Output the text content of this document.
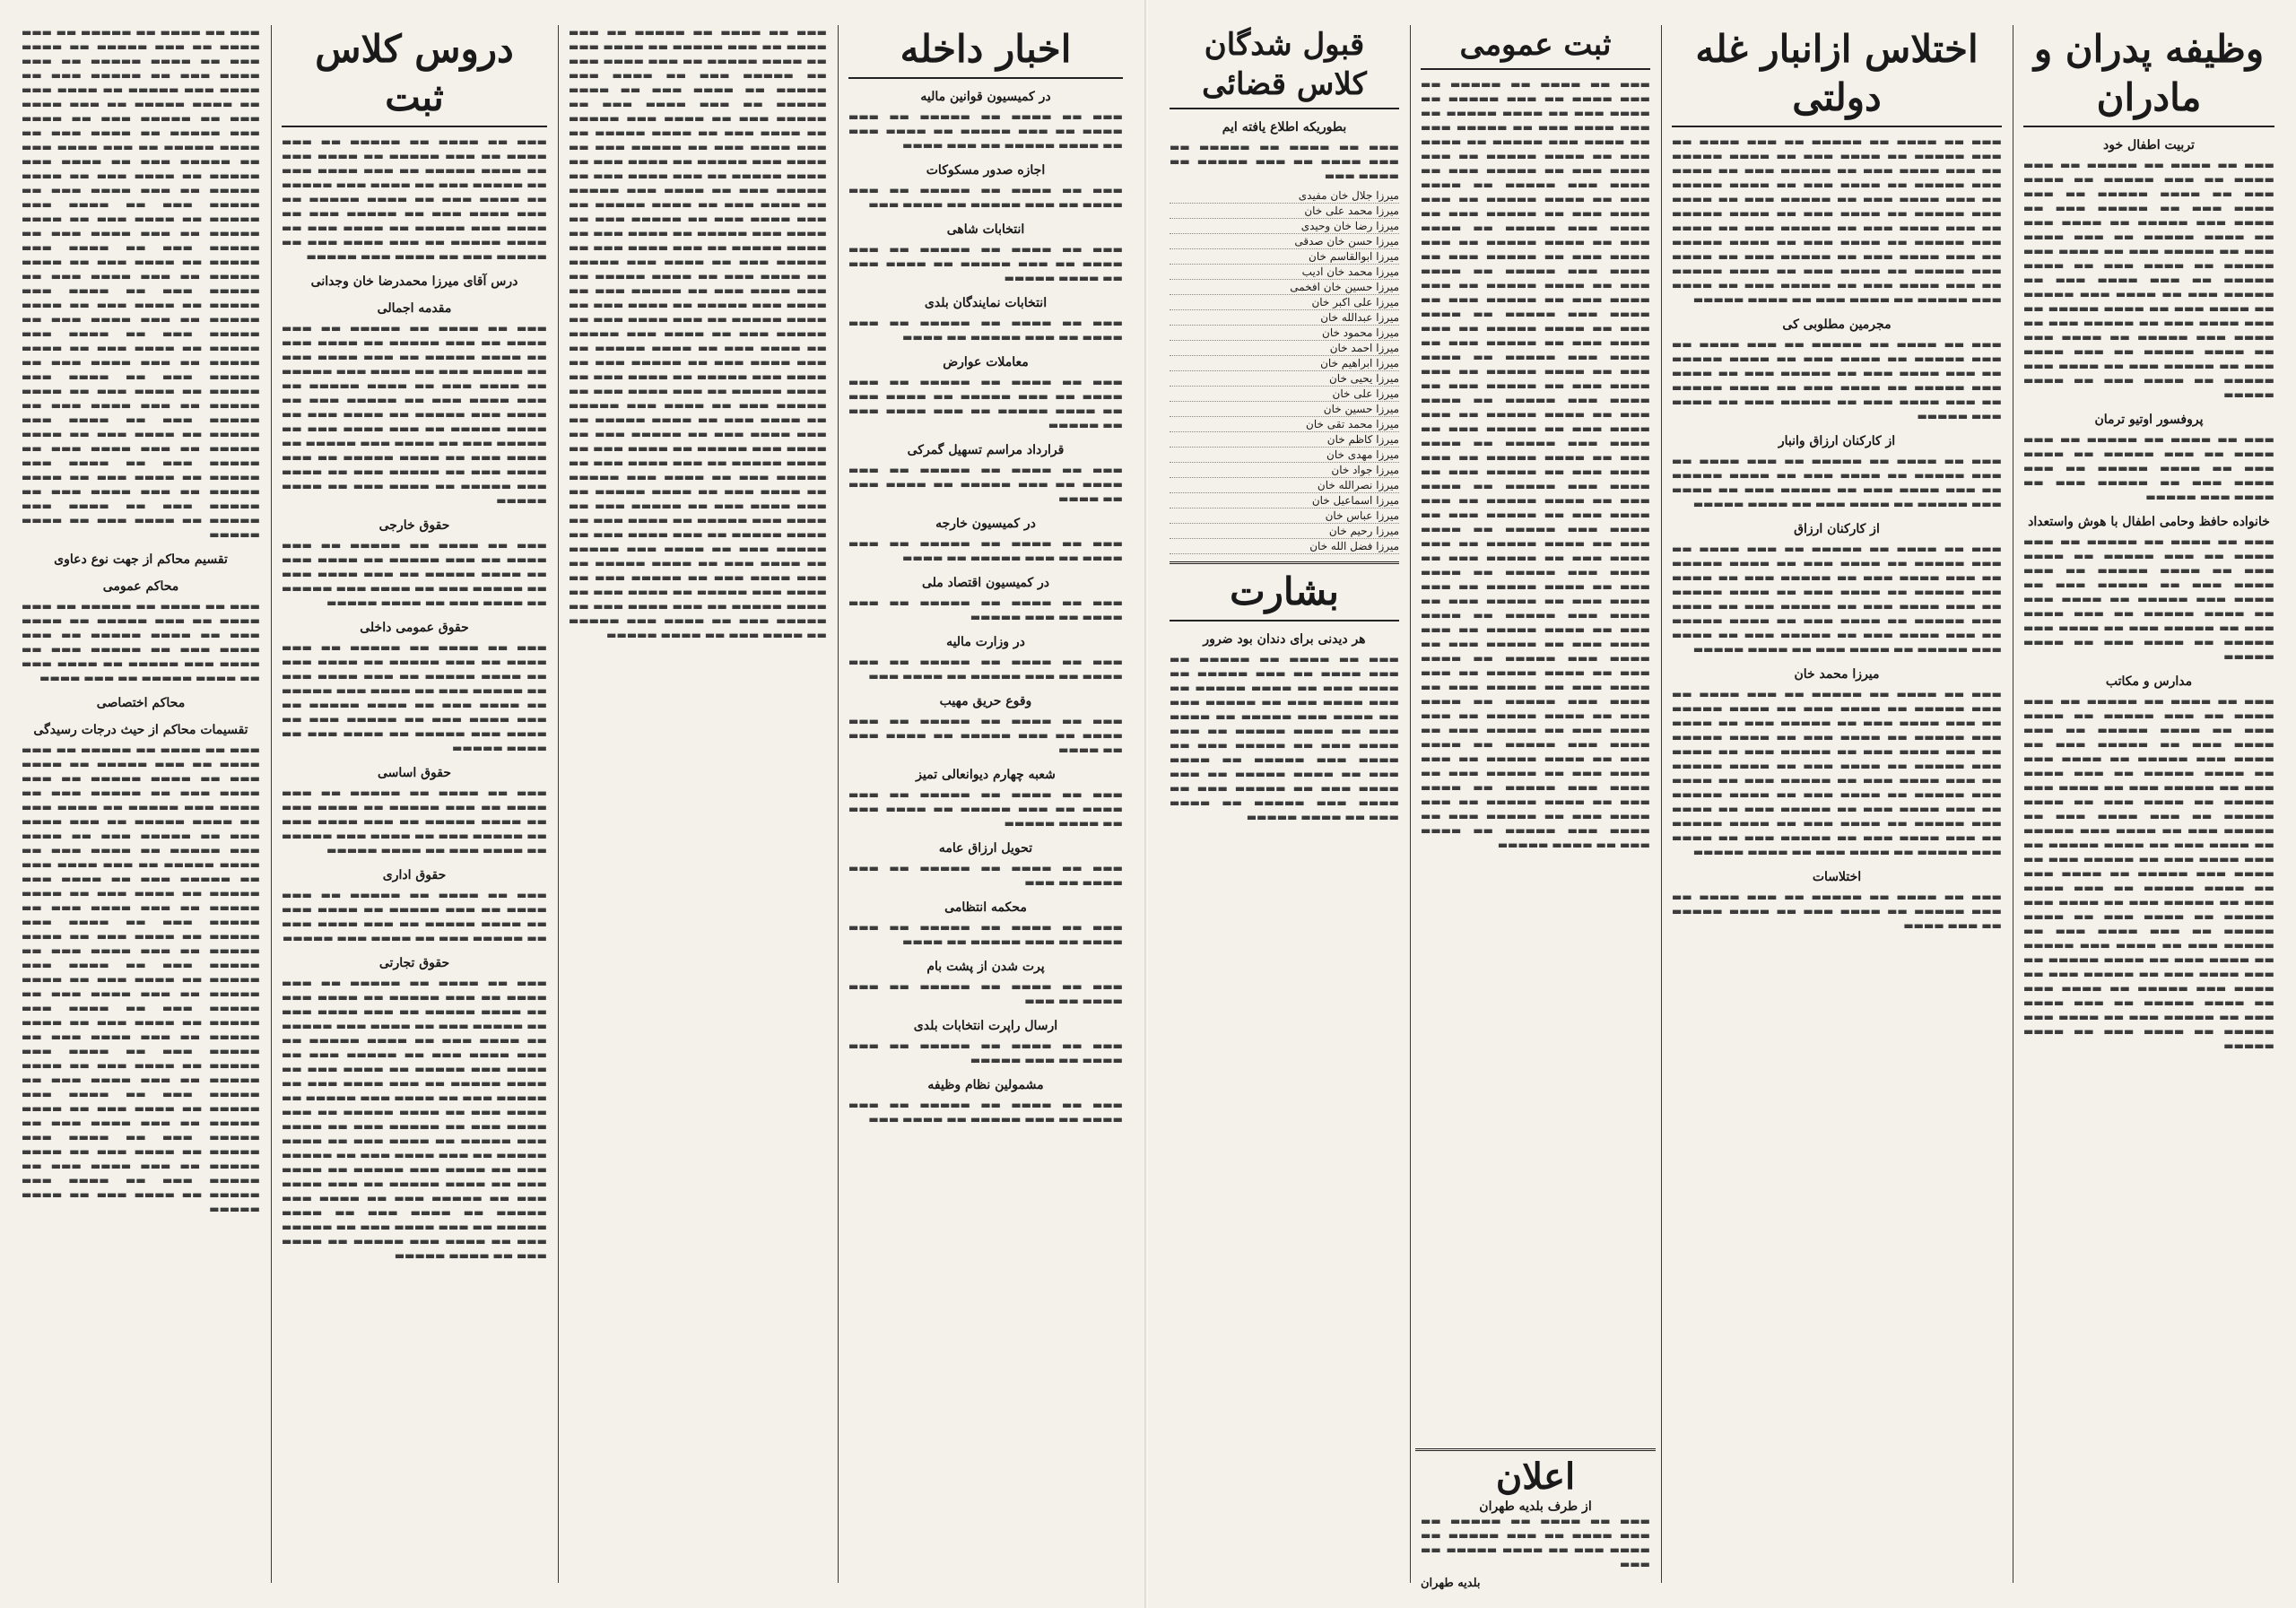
▬▬▬ ▬▬ ▬▬▬▬ ▬▬ ▬▬▬▬▬ ▬▬ ▬▬▬ ▬▬▬▬ ▬▬ ▬▬▬ ▬▬▬▬▬ ▬▬ ▬▬▬▬ ▬▬▬ ▬▬ ▬▬▬▬ ▬▬▬▬▬ ▬▬ ▬▬▬ ▬▬▬▬ ▬▬▬ ▬▬ ▬▬▬▬▬ ▬▬▬ ▬▬ ▬▬▬▬ ▬▬▬ ▬▬▬▬▬ ▬▬ ▬▬▬▬ ▬▬▬ ▬▬ ▬▬▬▬ ▬▬▬▬▬ ▬▬ ▬▬▬ ▬▬▬▬ ▬▬▬ ▬▬ ▬▬▬▬▬ ▬▬▬ ▬▬ ▬▬▬▬ ▬▬▬ ▬▬▬▬▬ ▬▬ ▬▬▬▬ ▬▬▬ ▬▬ ▬▬▬▬ ▬▬▬▬▬ ▬▬ ▬▬▬ ▬▬▬▬ ▬▬▬ ▬▬ ▬▬▬▬▬ ▬▬▬ ▬▬ ▬▬▬▬ ▬▬▬ ▬▬▬▬▬ ▬▬ ▬▬▬▬ ▬▬▬ ▬▬ ▬▬▬▬ ▬▬▬▬▬ ▬▬ ▬▬▬ ▬▬▬▬ ▬▬▬ ▬▬ ▬▬▬▬▬ ▬▬▬ ▬▬ ▬▬▬▬ ▬▬▬ ▬▬▬▬▬ ▬▬ ▬▬▬▬ ▬▬▬ ▬▬ ▬▬▬▬ ▬▬▬▬▬ ▬▬ ▬▬▬ ▬▬▬▬ ▬▬▬ ▬▬ ▬▬▬▬▬ ▬▬▬ ▬▬ ▬▬▬▬ ▬▬▬ ▬▬▬▬▬ ▬▬ ▬▬▬▬ ▬▬▬ ▬▬ ▬▬▬▬ ▬▬▬▬▬ ▬▬ ▬▬▬ ▬▬▬▬ ▬▬▬ ▬▬ ▬▬▬▬▬ ▬▬▬ ▬▬ ▬▬▬▬ ▬▬▬ ▬▬▬▬▬ ▬▬ ▬▬▬▬ ▬▬▬ ▬▬ ▬▬▬▬ ▬▬▬▬▬ ▬▬ ▬▬▬ ▬▬▬▬ ▬▬▬ ▬▬ ▬▬▬▬▬ ▬▬▬ ▬▬ ▬▬▬▬ ▬▬▬ ▬▬▬▬▬ ▬▬ ▬▬▬▬ ▬▬▬ ▬▬ ▬▬▬▬ ▬▬▬▬▬ ▬▬ ▬▬▬ ▬▬▬▬ ▬▬▬ ▬▬ ▬▬▬▬▬ ▬▬▬ ▬▬ ▬▬▬▬ ▬▬▬ ▬▬▬▬▬ ▬▬ ▬▬▬▬ ▬▬▬ ▬▬ ▬▬▬▬ ▬▬▬▬▬ ▬▬ ▬▬▬ ▬▬▬▬ ▬▬▬ ▬▬ ▬▬▬▬▬ ▬▬▬ ▬▬ ▬▬▬▬ ▬▬▬ ▬▬▬▬▬ ▬▬ ▬▬▬▬ ▬▬▬ ▬▬ ▬▬▬▬ ▬▬▬▬▬ ▬▬ ▬▬▬ ▬▬▬▬ ▬▬▬ ▬▬ ▬▬▬▬▬ ▬▬▬ ▬▬ ▬▬▬▬ ▬▬▬ ▬▬▬▬▬ ▬▬ ▬▬▬▬ ▬▬▬ ▬▬ ▬▬▬▬ ▬▬▬▬▬ ▬▬ ▬▬▬ ▬▬▬▬ ▬▬▬ ▬▬ ▬▬▬▬▬ ▬▬▬ ▬▬ ▬▬▬▬ ▬▬▬ ▬▬▬▬▬ ▬▬ ▬▬▬▬ ▬▬▬ ▬▬ ▬▬▬▬ ▬▬▬▬▬

تقسیم محاکم از جهت نوع دعاوی
محاکم عمومی

▬▬▬ ▬▬ ▬▬▬▬ ▬▬ ▬▬▬▬▬ ▬▬ ▬▬▬ ▬▬▬▬ ▬▬ ▬▬▬ ▬▬▬▬▬ ▬▬ ▬▬▬▬ ▬▬▬ ▬▬ ▬▬▬▬ ▬▬▬▬▬ ▬▬ ▬▬▬ ▬▬▬▬ ▬▬▬ ▬▬ ▬▬▬▬▬ ▬▬▬ ▬▬ ▬▬▬▬ ▬▬▬ ▬▬▬▬▬ ▬▬ ▬▬▬▬ ▬▬▬ ▬▬ ▬▬▬▬ ▬▬▬▬▬ ▬▬ ▬▬▬ ▬▬▬▬

محاکم اختصاصی
تقسیمات محاکم از حیث درجات رسیدگی

▬▬▬ ▬▬ ▬▬▬▬ ▬▬ ▬▬▬▬▬ ▬▬ ▬▬▬ ▬▬▬▬ ▬▬ ▬▬▬ ▬▬▬▬▬ ▬▬ ▬▬▬▬ ▬▬▬ ▬▬ ▬▬▬▬ ▬▬▬▬▬ ▬▬ ▬▬▬ ▬▬▬▬ ▬▬▬ ▬▬ ▬▬▬▬▬ ▬▬▬ ▬▬ ▬▬▬▬ ▬▬▬ ▬▬▬▬▬ ▬▬ ▬▬▬▬ ▬▬▬ ▬▬ ▬▬▬▬ ▬▬▬▬▬ ▬▬ ▬▬▬ ▬▬▬▬ ▬▬▬ ▬▬ ▬▬▬▬▬ ▬▬▬ ▬▬ ▬▬▬▬ ▬▬▬ ▬▬▬▬▬ ▬▬ ▬▬▬▬ ▬▬▬ ▬▬ ▬▬▬▬ ▬▬▬▬▬ ▬▬ ▬▬▬ ▬▬▬▬ ▬▬▬ ▬▬ ▬▬▬▬▬ ▬▬▬ ▬▬ ▬▬▬▬ ▬▬▬ ▬▬▬▬▬ ▬▬ ▬▬▬▬ ▬▬▬ ▬▬ ▬▬▬▬ ▬▬▬▬▬ ▬▬ ▬▬▬ ▬▬▬▬ ▬▬▬ ▬▬ ▬▬▬▬▬ ▬▬▬ ▬▬ ▬▬▬▬ ▬▬▬ ▬▬▬▬▬ ▬▬ ▬▬▬▬ ▬▬▬ ▬▬ ▬▬▬▬ ▬▬▬▬▬ ▬▬ ▬▬▬ ▬▬▬▬ ▬▬▬ ▬▬ ▬▬▬▬▬ ▬▬▬ ▬▬ ▬▬▬▬ ▬▬▬ ▬▬▬▬▬ ▬▬ ▬▬▬▬ ▬▬▬ ▬▬ ▬▬▬▬ ▬▬▬▬▬ ▬▬ ▬▬▬ ▬▬▬▬ ▬▬▬ ▬▬ ▬▬▬▬▬ ▬▬▬ ▬▬ ▬▬▬▬ ▬▬▬ ▬▬▬▬▬ ▬▬ ▬▬▬▬ ▬▬▬ ▬▬ ▬▬▬▬ ▬▬▬▬▬ ▬▬ ▬▬▬ ▬▬▬▬ ▬▬▬ ▬▬ ▬▬▬▬▬ ▬▬▬ ▬▬ ▬▬▬▬ ▬▬▬ ▬▬▬▬▬ ▬▬ ▬▬▬▬ ▬▬▬ ▬▬ ▬▬▬▬ ▬▬▬▬▬ ▬▬ ▬▬▬ ▬▬▬▬ ▬▬▬ ▬▬ ▬▬▬▬▬ ▬▬▬ ▬▬ ▬▬▬▬ ▬▬▬ ▬▬▬▬▬ ▬▬ ▬▬▬▬ ▬▬▬ ▬▬ ▬▬▬▬ ▬▬▬▬▬ ▬▬ ▬▬▬ ▬▬▬▬ ▬▬▬ ▬▬ ▬▬▬▬▬ ▬▬▬ ▬▬ ▬▬▬▬ ▬▬▬ ▬▬▬▬▬ ▬▬ ▬▬▬▬ ▬▬▬ ▬▬ ▬▬▬▬ ▬▬▬▬▬ ▬▬ ▬▬▬ ▬▬▬▬ ▬▬▬ ▬▬ ▬▬▬▬▬ ▬▬▬ ▬▬ ▬▬▬▬ ▬▬▬ ▬▬▬▬▬ ▬▬ ▬▬▬▬ ▬▬▬ ▬▬ ▬▬▬▬ ▬▬▬▬▬

دروس کلاس ثبت

▬▬▬ ▬▬ ▬▬▬▬ ▬▬ ▬▬▬▬▬ ▬▬ ▬▬▬ ▬▬▬▬ ▬▬ ▬▬▬ ▬▬▬▬▬ ▬▬ ▬▬▬▬ ▬▬▬ ▬▬ ▬▬▬▬ ▬▬▬▬▬ ▬▬ ▬▬▬ ▬▬▬▬ ▬▬▬ ▬▬ ▬▬▬▬▬ ▬▬▬ ▬▬ ▬▬▬▬ ▬▬▬ ▬▬▬▬▬ ▬▬ ▬▬▬▬ ▬▬▬ ▬▬ ▬▬▬▬ ▬▬▬▬▬ ▬▬ ▬▬▬ ▬▬▬▬ ▬▬▬ ▬▬ ▬▬▬▬▬ ▬▬▬ ▬▬ ▬▬▬▬ ▬▬▬ ▬▬▬▬▬ ▬▬ ▬▬▬▬ ▬▬▬ ▬▬ ▬▬▬▬ ▬▬▬▬▬ ▬▬ ▬▬▬ ▬▬▬▬ ▬▬▬ ▬▬ ▬▬▬▬▬ ▬▬▬ ▬▬ ▬▬▬▬ ▬▬▬ ▬▬▬▬▬

درس آقای میرزا محمدرضا خان وجدانی
مقدمه اجمالی

▬▬▬ ▬▬ ▬▬▬▬ ▬▬ ▬▬▬▬▬ ▬▬ ▬▬▬ ▬▬▬▬ ▬▬ ▬▬▬ ▬▬▬▬▬ ▬▬ ▬▬▬▬ ▬▬▬ ▬▬ ▬▬▬▬ ▬▬▬▬▬ ▬▬ ▬▬▬ ▬▬▬▬ ▬▬▬ ▬▬ ▬▬▬▬▬ ▬▬▬ ▬▬ ▬▬▬▬ ▬▬▬ ▬▬▬▬▬ ▬▬ ▬▬▬▬ ▬▬▬ ▬▬ ▬▬▬▬ ▬▬▬▬▬ ▬▬ ▬▬▬ ▬▬▬▬ ▬▬▬ ▬▬ ▬▬▬▬▬ ▬▬▬ ▬▬ ▬▬▬▬ ▬▬▬ ▬▬▬▬▬ ▬▬ ▬▬▬▬ ▬▬▬ ▬▬ ▬▬▬▬ ▬▬▬▬▬ ▬▬ ▬▬▬ ▬▬▬▬ ▬▬▬ ▬▬ ▬▬▬▬▬ ▬▬▬ ▬▬ ▬▬▬▬ ▬▬▬ ▬▬▬▬▬ ▬▬ ▬▬▬▬ ▬▬▬ ▬▬ ▬▬▬▬ ▬▬▬▬▬ ▬▬ ▬▬▬ ▬▬▬▬ ▬▬▬ ▬▬ ▬▬▬▬▬ ▬▬▬ ▬▬ ▬▬▬▬ ▬▬▬ ▬▬▬▬▬ ▬▬ ▬▬▬▬ ▬▬▬ ▬▬ ▬▬▬▬ ▬▬▬▬▬

حقوق خارجی

▬▬▬ ▬▬ ▬▬▬▬ ▬▬ ▬▬▬▬▬ ▬▬ ▬▬▬ ▬▬▬▬ ▬▬ ▬▬▬ ▬▬▬▬▬ ▬▬ ▬▬▬▬ ▬▬▬ ▬▬ ▬▬▬▬ ▬▬▬▬▬ ▬▬ ▬▬▬ ▬▬▬▬ ▬▬▬ ▬▬ ▬▬▬▬▬ ▬▬▬ ▬▬ ▬▬▬▬ ▬▬▬ ▬▬▬▬▬ ▬▬ ▬▬▬▬ ▬▬▬ ▬▬ ▬▬▬▬ ▬▬▬▬▬

حقوق عمومی داخلی

▬▬▬ ▬▬ ▬▬▬▬ ▬▬ ▬▬▬▬▬ ▬▬ ▬▬▬ ▬▬▬▬ ▬▬ ▬▬▬ ▬▬▬▬▬ ▬▬ ▬▬▬▬ ▬▬▬ ▬▬ ▬▬▬▬ ▬▬▬▬▬ ▬▬ ▬▬▬ ▬▬▬▬ ▬▬▬ ▬▬ ▬▬▬▬▬ ▬▬▬ ▬▬ ▬▬▬▬ ▬▬▬ ▬▬▬▬▬ ▬▬ ▬▬▬▬ ▬▬▬ ▬▬ ▬▬▬▬ ▬▬▬▬▬ ▬▬ ▬▬▬ ▬▬▬▬ ▬▬▬ ▬▬ ▬▬▬▬▬ ▬▬▬ ▬▬ ▬▬▬▬ ▬▬▬ ▬▬▬▬▬ ▬▬ ▬▬▬▬ ▬▬▬ ▬▬ ▬▬▬▬ ▬▬▬▬▬

حقوق اساسی

▬▬▬ ▬▬ ▬▬▬▬ ▬▬ ▬▬▬▬▬ ▬▬ ▬▬▬ ▬▬▬▬ ▬▬ ▬▬▬ ▬▬▬▬▬ ▬▬ ▬▬▬▬ ▬▬▬ ▬▬ ▬▬▬▬ ▬▬▬▬▬ ▬▬ ▬▬▬ ▬▬▬▬ ▬▬▬ ▬▬ ▬▬▬▬▬ ▬▬▬ ▬▬ ▬▬▬▬ ▬▬▬ ▬▬▬▬▬ ▬▬ ▬▬▬▬ ▬▬▬ ▬▬ ▬▬▬▬ ▬▬▬▬▬

حقوق اداری

▬▬▬ ▬▬ ▬▬▬▬ ▬▬ ▬▬▬▬▬ ▬▬ ▬▬▬ ▬▬▬▬ ▬▬ ▬▬▬ ▬▬▬▬▬ ▬▬ ▬▬▬▬ ▬▬▬ ▬▬ ▬▬▬▬ ▬▬▬▬▬ ▬▬ ▬▬▬ ▬▬▬▬ ▬▬▬ ▬▬ ▬▬▬▬▬ ▬▬▬ ▬▬ ▬▬▬▬ ▬▬▬ ▬▬▬▬▬

حقوق تجارتی

▬▬▬ ▬▬ ▬▬▬▬ ▬▬ ▬▬▬▬▬ ▬▬ ▬▬▬ ▬▬▬▬ ▬▬ ▬▬▬ ▬▬▬▬▬ ▬▬ ▬▬▬▬ ▬▬▬ ▬▬ ▬▬▬▬ ▬▬▬▬▬ ▬▬ ▬▬▬ ▬▬▬▬ ▬▬▬ ▬▬ ▬▬▬▬▬ ▬▬▬ ▬▬ ▬▬▬▬ ▬▬▬ ▬▬▬▬▬ ▬▬ ▬▬▬▬ ▬▬▬ ▬▬ ▬▬▬▬ ▬▬▬▬▬ ▬▬ ▬▬▬ ▬▬▬▬ ▬▬▬ ▬▬ ▬▬▬▬▬ ▬▬▬ ▬▬ ▬▬▬▬ ▬▬▬ ▬▬▬▬▬ ▬▬ ▬▬▬▬ ▬▬▬ ▬▬ ▬▬▬▬ ▬▬▬▬▬ ▬▬ ▬▬▬ ▬▬▬▬ ▬▬▬ ▬▬ ▬▬▬▬▬ ▬▬▬ ▬▬ ▬▬▬▬ ▬▬▬ ▬▬▬▬▬ ▬▬ ▬▬▬▬ ▬▬▬ ▬▬ ▬▬▬▬ ▬▬▬▬▬ ▬▬ ▬▬▬ ▬▬▬▬ ▬▬▬ ▬▬ ▬▬▬▬▬ ▬▬▬ ▬▬ ▬▬▬▬ ▬▬▬ ▬▬▬▬▬ ▬▬ ▬▬▬▬ ▬▬▬ ▬▬ ▬▬▬▬ ▬▬▬▬▬ ▬▬ ▬▬▬ ▬▬▬▬ ▬▬▬ ▬▬ ▬▬▬▬▬ ▬▬▬ ▬▬ ▬▬▬▬ ▬▬▬ ▬▬▬▬▬ ▬▬ ▬▬▬▬ ▬▬▬ ▬▬ ▬▬▬▬ ▬▬▬▬▬ ▬▬ ▬▬▬ ▬▬▬▬ ▬▬▬ ▬▬ ▬▬▬▬▬ ▬▬▬ ▬▬ ▬▬▬▬ ▬▬▬ ▬▬▬▬▬ ▬▬ ▬▬▬▬ ▬▬▬ ▬▬ ▬▬▬▬ ▬▬▬▬▬ ▬▬ ▬▬▬ ▬▬▬▬ ▬▬▬ ▬▬ ▬▬▬▬▬ ▬▬▬ ▬▬ ▬▬▬▬ ▬▬▬ ▬▬▬▬▬ ▬▬ ▬▬▬▬ ▬▬▬ ▬▬ ▬▬▬▬ ▬▬▬▬▬

▬▬▬ ▬▬ ▬▬▬▬ ▬▬ ▬▬▬▬▬ ▬▬ ▬▬▬ ▬▬▬▬ ▬▬ ▬▬▬ ▬▬▬▬▬ ▬▬ ▬▬▬▬ ▬▬▬ ▬▬ ▬▬▬▬ ▬▬▬▬▬ ▬▬ ▬▬▬ ▬▬▬▬ ▬▬▬ ▬▬ ▬▬▬▬▬ ▬▬▬ ▬▬ ▬▬▬▬ ▬▬▬ ▬▬▬▬▬ ▬▬ ▬▬▬▬ ▬▬▬ ▬▬ ▬▬▬▬ ▬▬▬▬▬ ▬▬ ▬▬▬ ▬▬▬▬ ▬▬▬ ▬▬ ▬▬▬▬▬ ▬▬▬ ▬▬ ▬▬▬▬ ▬▬▬ ▬▬▬▬▬ ▬▬ ▬▬▬▬ ▬▬▬ ▬▬ ▬▬▬▬ ▬▬▬▬▬ ▬▬ ▬▬▬ ▬▬▬▬ ▬▬▬ ▬▬ ▬▬▬▬▬ ▬▬▬ ▬▬ ▬▬▬▬ ▬▬▬ ▬▬▬▬▬ ▬▬ ▬▬▬▬ ▬▬▬ ▬▬ ▬▬▬▬ ▬▬▬▬▬ ▬▬ ▬▬▬ ▬▬▬▬ ▬▬▬ ▬▬ ▬▬▬▬▬ ▬▬▬ ▬▬ ▬▬▬▬ ▬▬▬ ▬▬▬▬▬ ▬▬ ▬▬▬▬ ▬▬▬ ▬▬ ▬▬▬▬ ▬▬▬▬▬ ▬▬ ▬▬▬ ▬▬▬▬ ▬▬▬ ▬▬ ▬▬▬▬▬ ▬▬▬ ▬▬ ▬▬▬▬ ▬▬▬ ▬▬▬▬▬ ▬▬ ▬▬▬▬ ▬▬▬ ▬▬ ▬▬▬▬ ▬▬▬▬▬ ▬▬ ▬▬▬ ▬▬▬▬ ▬▬▬ ▬▬ ▬▬▬▬▬ ▬▬▬ ▬▬ ▬▬▬▬ ▬▬▬ ▬▬▬▬▬ ▬▬ ▬▬▬▬ ▬▬▬ ▬▬ ▬▬▬▬ ▬▬▬▬▬ ▬▬ ▬▬▬ ▬▬▬▬ ▬▬▬ ▬▬ ▬▬▬▬▬ ▬▬▬ ▬▬ ▬▬▬▬ ▬▬▬ ▬▬▬▬▬ ▬▬ ▬▬▬▬ ▬▬▬ ▬▬ ▬▬▬▬ ▬▬▬▬▬ ▬▬ ▬▬▬ ▬▬▬▬ ▬▬▬ ▬▬ ▬▬▬▬▬ ▬▬▬ ▬▬ ▬▬▬▬ ▬▬▬ ▬▬▬▬▬ ▬▬ ▬▬▬▬ ▬▬▬ ▬▬ ▬▬▬▬ ▬▬▬▬▬ ▬▬ ▬▬▬ ▬▬▬▬ ▬▬▬ ▬▬ ▬▬▬▬▬ ▬▬▬ ▬▬ ▬▬▬▬ ▬▬▬ ▬▬▬▬▬ ▬▬ ▬▬▬▬ ▬▬▬ ▬▬ ▬▬▬▬ ▬▬▬▬▬ ▬▬ ▬▬▬ ▬▬▬▬ ▬▬▬ ▬▬ ▬▬▬▬▬ ▬▬▬ ▬▬ ▬▬▬▬ ▬▬▬ ▬▬▬▬▬ ▬▬ ▬▬▬▬ ▬▬▬ ▬▬ ▬▬▬▬ ▬▬▬▬▬ ▬▬ ▬▬▬ ▬▬▬▬ ▬▬▬ ▬▬ ▬▬▬▬▬ ▬▬▬ ▬▬ ▬▬▬▬ ▬▬▬ ▬▬▬▬▬ ▬▬ ▬▬▬▬ ▬▬▬ ▬▬ ▬▬▬▬ ▬▬▬▬▬ ▬▬ ▬▬▬ ▬▬▬▬ ▬▬▬ ▬▬ ▬▬▬▬▬ ▬▬▬ ▬▬ ▬▬▬▬ ▬▬▬ ▬▬▬▬▬ ▬▬ ▬▬▬▬ ▬▬▬ ▬▬ ▬▬▬▬ ▬▬▬▬▬ ▬▬ ▬▬▬ ▬▬▬▬ ▬▬▬ ▬▬ ▬▬▬▬▬ ▬▬▬ ▬▬ ▬▬▬▬ ▬▬▬ ▬▬▬▬▬ ▬▬ ▬▬▬▬ ▬▬▬ ▬▬ ▬▬▬▬ ▬▬▬▬▬ ▬▬ ▬▬▬ ▬▬▬▬ ▬▬▬ ▬▬ ▬▬▬▬▬ ▬▬▬ ▬▬ ▬▬▬▬ ▬▬▬ ▬▬▬▬▬ ▬▬ ▬▬▬▬ ▬▬▬ ▬▬ ▬▬▬▬ ▬▬▬▬▬ ▬▬ ▬▬▬ ▬▬▬▬ ▬▬▬ ▬▬ ▬▬▬▬▬ ▬▬▬ ▬▬ ▬▬▬▬ ▬▬▬ ▬▬▬▬▬ ▬▬ ▬▬▬▬ ▬▬▬ ▬▬ ▬▬▬▬ ▬▬▬▬▬ ▬▬ ▬▬▬ ▬▬▬▬ ▬▬▬ ▬▬ ▬▬▬▬▬ ▬▬▬ ▬▬ ▬▬▬▬ ▬▬▬ ▬▬▬▬▬ ▬▬ ▬▬▬▬ ▬▬▬ ▬▬ ▬▬▬▬ ▬▬▬▬▬

اخبار داخله
در کمیسیون قوانین مالیه

▬▬▬ ▬▬ ▬▬▬▬ ▬▬ ▬▬▬▬▬ ▬▬ ▬▬▬ ▬▬▬▬ ▬▬ ▬▬▬ ▬▬▬▬▬ ▬▬ ▬▬▬▬ ▬▬▬ ▬▬ ▬▬▬▬ ▬▬▬▬▬ ▬▬ ▬▬▬ ▬▬▬▬

اجازه صدور مسکوکات

▬▬▬ ▬▬ ▬▬▬▬ ▬▬ ▬▬▬▬▬ ▬▬ ▬▬▬ ▬▬▬▬ ▬▬ ▬▬▬ ▬▬▬▬▬ ▬▬ ▬▬▬▬ ▬▬▬

انتخابات شاهی

▬▬▬ ▬▬ ▬▬▬▬ ▬▬ ▬▬▬▬▬ ▬▬ ▬▬▬ ▬▬▬▬ ▬▬ ▬▬▬ ▬▬▬▬▬ ▬▬ ▬▬▬▬ ▬▬▬ ▬▬ ▬▬▬▬ ▬▬▬▬▬

انتخابات نمایندگان بلدی

▬▬▬ ▬▬ ▬▬▬▬ ▬▬ ▬▬▬▬▬ ▬▬ ▬▬▬ ▬▬▬▬ ▬▬ ▬▬▬ ▬▬▬▬▬ ▬▬ ▬▬▬▬

معاملات عوارض

▬▬▬ ▬▬ ▬▬▬▬ ▬▬ ▬▬▬▬▬ ▬▬ ▬▬▬ ▬▬▬▬ ▬▬ ▬▬▬ ▬▬▬▬▬ ▬▬ ▬▬▬▬ ▬▬▬ ▬▬ ▬▬▬▬ ▬▬▬▬▬ ▬▬ ▬▬▬ ▬▬▬▬ ▬▬▬ ▬▬ ▬▬▬▬▬

قرارداد مراسم تسهیل گمرکی

▬▬▬ ▬▬ ▬▬▬▬ ▬▬ ▬▬▬▬▬ ▬▬ ▬▬▬ ▬▬▬▬ ▬▬ ▬▬▬ ▬▬▬▬▬ ▬▬ ▬▬▬▬ ▬▬▬ ▬▬ ▬▬▬▬

در کمیسیون خارجه

▬▬▬ ▬▬ ▬▬▬▬ ▬▬ ▬▬▬▬▬ ▬▬ ▬▬▬ ▬▬▬▬ ▬▬ ▬▬▬ ▬▬▬▬▬ ▬▬ ▬▬▬▬

در کمیسیون اقتصاد ملی

▬▬▬ ▬▬ ▬▬▬▬ ▬▬ ▬▬▬▬▬ ▬▬ ▬▬▬ ▬▬▬▬ ▬▬ ▬▬▬ ▬▬▬▬▬

در وزارت مالیه

▬▬▬ ▬▬ ▬▬▬▬ ▬▬ ▬▬▬▬▬ ▬▬ ▬▬▬ ▬▬▬▬ ▬▬ ▬▬▬ ▬▬▬▬▬ ▬▬ ▬▬▬▬ ▬▬▬

وقوع حریق مهیب

▬▬▬ ▬▬ ▬▬▬▬ ▬▬ ▬▬▬▬▬ ▬▬ ▬▬▬ ▬▬▬▬ ▬▬ ▬▬▬ ▬▬▬▬▬ ▬▬ ▬▬▬▬ ▬▬▬ ▬▬ ▬▬▬▬

شعبه چهارم دیوانعالی تمیز

▬▬▬ ▬▬ ▬▬▬▬ ▬▬ ▬▬▬▬▬ ▬▬ ▬▬▬ ▬▬▬▬ ▬▬ ▬▬▬ ▬▬▬▬▬ ▬▬ ▬▬▬▬ ▬▬▬ ▬▬ ▬▬▬▬ ▬▬▬▬▬

تحویل ارزاق عامه

▬▬▬ ▬▬ ▬▬▬▬ ▬▬ ▬▬▬▬▬ ▬▬ ▬▬▬ ▬▬▬▬ ▬▬ ▬▬▬

محکمه انتظامی

▬▬▬ ▬▬ ▬▬▬▬ ▬▬ ▬▬▬▬▬ ▬▬ ▬▬▬ ▬▬▬▬ ▬▬ ▬▬▬ ▬▬▬▬▬ ▬▬ ▬▬▬▬

پرت شدن از پشت بام

▬▬▬ ▬▬ ▬▬▬▬ ▬▬ ▬▬▬▬▬ ▬▬ ▬▬▬ ▬▬▬▬ ▬▬ ▬▬▬

ارسال راپرت انتخابات بلدی

▬▬▬ ▬▬ ▬▬▬▬ ▬▬ ▬▬▬▬▬ ▬▬ ▬▬▬ ▬▬▬▬ ▬▬ ▬▬▬ ▬▬▬▬▬

مشمولین نظام وظیفه

▬▬▬ ▬▬ ▬▬▬▬ ▬▬ ▬▬▬▬▬ ▬▬ ▬▬▬ ▬▬▬▬ ▬▬ ▬▬▬ ▬▬▬▬▬ ▬▬ ▬▬▬▬ ▬▬▬

قبول شدگان کلاس قضائی
بطوریکه اطلاع یافته ایم

▬▬▬ ▬▬ ▬▬▬▬ ▬▬ ▬▬▬▬▬ ▬▬ ▬▬▬ ▬▬▬▬ ▬▬ ▬▬▬ ▬▬▬▬▬ ▬▬ ▬▬▬▬ ▬▬▬

میرزا جلال خان مفیدی
میرزا محمد علی خان
میرزا رضا خان وحیدی
میرزا حسن خان صدقی
میرزا ابوالقاسم خان
میرزا محمد خان ادیب
میرزا حسین خان افخمی
میرزا علی اکبر خان
میرزا عبدالله خان
میرزا محمود خان
میرزا احمد خان
میرزا ابراهیم خان
میرزا یحیی خان
میرزا علی خان
میرزا حسین خان
میرزا محمد تقی خان
میرزا کاظم خان
میرزا مهدی خان
میرزا جواد خان
میرزا نصرالله خان
میرزا اسماعیل خان
میرزا عباس خان
میرزا رحیم خان
میرزا فضل الله خان
بشارت
هر دیدنی برای دندان بود ضرور

▬▬▬ ▬▬ ▬▬▬▬ ▬▬ ▬▬▬▬▬ ▬▬ ▬▬▬ ▬▬▬▬ ▬▬ ▬▬▬ ▬▬▬▬▬ ▬▬ ▬▬▬▬ ▬▬▬ ▬▬ ▬▬▬▬ ▬▬▬▬▬ ▬▬ ▬▬▬ ▬▬▬▬ ▬▬▬ ▬▬ ▬▬▬▬▬ ▬▬▬ ▬▬ ▬▬▬▬ ▬▬▬ ▬▬▬▬▬ ▬▬ ▬▬▬▬ ▬▬▬ ▬▬ ▬▬▬▬ ▬▬▬▬▬ ▬▬ ▬▬▬ ▬▬▬▬ ▬▬▬ ▬▬ ▬▬▬▬▬ ▬▬▬ ▬▬ ▬▬▬▬ ▬▬▬ ▬▬▬▬▬ ▬▬ ▬▬▬▬ ▬▬▬ ▬▬ ▬▬▬▬ ▬▬▬▬▬ ▬▬ ▬▬▬ ▬▬▬▬ ▬▬▬ ▬▬ ▬▬▬▬▬ ▬▬▬ ▬▬ ▬▬▬▬ ▬▬▬ ▬▬▬▬▬ ▬▬ ▬▬▬▬ ▬▬▬ ▬▬ ▬▬▬▬ ▬▬▬▬▬

ثبت عمومی

▬▬▬ ▬▬ ▬▬▬▬ ▬▬ ▬▬▬▬▬ ▬▬ ▬▬▬ ▬▬▬▬ ▬▬ ▬▬▬ ▬▬▬▬▬ ▬▬ ▬▬▬▬ ▬▬▬ ▬▬ ▬▬▬▬ ▬▬▬▬▬ ▬▬ ▬▬▬ ▬▬▬▬ ▬▬▬ ▬▬ ▬▬▬▬▬ ▬▬▬ ▬▬ ▬▬▬▬ ▬▬▬ ▬▬▬▬▬ ▬▬ ▬▬▬▬ ▬▬▬ ▬▬ ▬▬▬▬ ▬▬▬▬▬ ▬▬ ▬▬▬ ▬▬▬▬ ▬▬▬ ▬▬ ▬▬▬▬▬ ▬▬▬ ▬▬ ▬▬▬▬ ▬▬▬ ▬▬▬▬▬ ▬▬ ▬▬▬▬ ▬▬▬ ▬▬ ▬▬▬▬ ▬▬▬▬▬ ▬▬ ▬▬▬ ▬▬▬▬ ▬▬▬ ▬▬ ▬▬▬▬▬ ▬▬▬ ▬▬ ▬▬▬▬ ▬▬▬ ▬▬▬▬▬ ▬▬ ▬▬▬▬ ▬▬▬ ▬▬ ▬▬▬▬ ▬▬▬▬▬ ▬▬ ▬▬▬ ▬▬▬▬ ▬▬▬ ▬▬ ▬▬▬▬▬ ▬▬▬ ▬▬ ▬▬▬▬ ▬▬▬ ▬▬▬▬▬ ▬▬ ▬▬▬▬ ▬▬▬ ▬▬ ▬▬▬▬ ▬▬▬▬▬ ▬▬ ▬▬▬ ▬▬▬▬ ▬▬▬ ▬▬ ▬▬▬▬▬ ▬▬▬ ▬▬ ▬▬▬▬ ▬▬▬ ▬▬▬▬▬ ▬▬ ▬▬▬▬ ▬▬▬ ▬▬ ▬▬▬▬ ▬▬▬▬▬ ▬▬ ▬▬▬ ▬▬▬▬ ▬▬▬ ▬▬ ▬▬▬▬▬ ▬▬▬ ▬▬ ▬▬▬▬ ▬▬▬ ▬▬▬▬▬ ▬▬ ▬▬▬▬ ▬▬▬ ▬▬ ▬▬▬▬ ▬▬▬▬▬ ▬▬ ▬▬▬ ▬▬▬▬ ▬▬▬ ▬▬ ▬▬▬▬▬ ▬▬▬ ▬▬ ▬▬▬▬ ▬▬▬ ▬▬▬▬▬ ▬▬ ▬▬▬▬ ▬▬▬ ▬▬ ▬▬▬▬ ▬▬▬▬▬ ▬▬ ▬▬▬ ▬▬▬▬ ▬▬▬ ▬▬ ▬▬▬▬▬ ▬▬▬ ▬▬ ▬▬▬▬ ▬▬▬ ▬▬▬▬▬ ▬▬ ▬▬▬▬ ▬▬▬ ▬▬ ▬▬▬▬ ▬▬▬▬▬ ▬▬ ▬▬▬ ▬▬▬▬ ▬▬▬ ▬▬ ▬▬▬▬▬ ▬▬▬ ▬▬ ▬▬▬▬ ▬▬▬ ▬▬▬▬▬ ▬▬ ▬▬▬▬ ▬▬▬ ▬▬ ▬▬▬▬ ▬▬▬▬▬ ▬▬ ▬▬▬ ▬▬▬▬ ▬▬▬ ▬▬ ▬▬▬▬▬ ▬▬▬ ▬▬ ▬▬▬▬ ▬▬▬ ▬▬▬▬▬ ▬▬ ▬▬▬▬ ▬▬▬ ▬▬ ▬▬▬▬ ▬▬▬▬▬ ▬▬ ▬▬▬ ▬▬▬▬ ▬▬▬ ▬▬ ▬▬▬▬▬ ▬▬▬ ▬▬ ▬▬▬▬ ▬▬▬ ▬▬▬▬▬ ▬▬ ▬▬▬▬ ▬▬▬ ▬▬ ▬▬▬▬ ▬▬▬▬▬ ▬▬ ▬▬▬ ▬▬▬▬ ▬▬▬ ▬▬ ▬▬▬▬▬ ▬▬▬ ▬▬ ▬▬▬▬ ▬▬▬ ▬▬▬▬▬ ▬▬ ▬▬▬▬ ▬▬▬ ▬▬ ▬▬▬▬ ▬▬▬▬▬ ▬▬ ▬▬▬ ▬▬▬▬ ▬▬▬ ▬▬ ▬▬▬▬▬ ▬▬▬ ▬▬ ▬▬▬▬ ▬▬▬ ▬▬▬▬▬ ▬▬ ▬▬▬▬ ▬▬▬ ▬▬ ▬▬▬▬ ▬▬▬▬▬ ▬▬ ▬▬▬ ▬▬▬▬ ▬▬▬ ▬▬ ▬▬▬▬▬ ▬▬▬ ▬▬ ▬▬▬▬ ▬▬▬ ▬▬▬▬▬ ▬▬ ▬▬▬▬ ▬▬▬ ▬▬ ▬▬▬▬ ▬▬▬▬▬ ▬▬ ▬▬▬ ▬▬▬▬ ▬▬▬ ▬▬ ▬▬▬▬▬ ▬▬▬ ▬▬ ▬▬▬▬ ▬▬▬ ▬▬▬▬▬ ▬▬ ▬▬▬▬ ▬▬▬ ▬▬ ▬▬▬▬ ▬▬▬▬▬ ▬▬ ▬▬▬ ▬▬▬▬ ▬▬▬ ▬▬ ▬▬▬▬▬ ▬▬▬ ▬▬ ▬▬▬▬ ▬▬▬ ▬▬▬▬▬ ▬▬ ▬▬▬▬ ▬▬▬ ▬▬ ▬▬▬▬ ▬▬▬▬▬ ▬▬ ▬▬▬ ▬▬▬▬ ▬▬▬ ▬▬ ▬▬▬▬▬ ▬▬▬ ▬▬ ▬▬▬▬ ▬▬▬ ▬▬▬▬▬ ▬▬ ▬▬▬▬ ▬▬▬ ▬▬ ▬▬▬▬ ▬▬▬▬▬

اختلاس ازانبار غله دولتی

▬▬▬ ▬▬ ▬▬▬▬ ▬▬ ▬▬▬▬▬ ▬▬ ▬▬▬ ▬▬▬▬ ▬▬ ▬▬▬ ▬▬▬▬▬ ▬▬ ▬▬▬▬ ▬▬▬ ▬▬ ▬▬▬▬ ▬▬▬▬▬ ▬▬ ▬▬▬ ▬▬▬▬ ▬▬▬ ▬▬ ▬▬▬▬▬ ▬▬▬ ▬▬ ▬▬▬▬ ▬▬▬ ▬▬▬▬▬ ▬▬ ▬▬▬▬ ▬▬▬ ▬▬ ▬▬▬▬ ▬▬▬▬▬ ▬▬ ▬▬▬ ▬▬▬▬ ▬▬▬ ▬▬ ▬▬▬▬▬ ▬▬▬ ▬▬ ▬▬▬▬ ▬▬▬ ▬▬▬▬▬ ▬▬ ▬▬▬▬ ▬▬▬ ▬▬ ▬▬▬▬ ▬▬▬▬▬ ▬▬ ▬▬▬ ▬▬▬▬ ▬▬▬ ▬▬ ▬▬▬▬▬ ▬▬▬ ▬▬ ▬▬▬▬ ▬▬▬ ▬▬▬▬▬ ▬▬ ▬▬▬▬ ▬▬▬ ▬▬ ▬▬▬▬ ▬▬▬▬▬ ▬▬ ▬▬▬ ▬▬▬▬ ▬▬▬ ▬▬ ▬▬▬▬▬ ▬▬▬ ▬▬ ▬▬▬▬ ▬▬▬ ▬▬▬▬▬ ▬▬ ▬▬▬▬ ▬▬▬ ▬▬ ▬▬▬▬ ▬▬▬▬▬ ▬▬ ▬▬▬ ▬▬▬▬ ▬▬▬ ▬▬ ▬▬▬▬▬ ▬▬▬ ▬▬ ▬▬▬▬ ▬▬▬ ▬▬▬▬▬ ▬▬ ▬▬▬▬ ▬▬▬ ▬▬ ▬▬▬▬ ▬▬▬▬▬

مجرمین مطلوبی کی

▬▬▬ ▬▬ ▬▬▬▬ ▬▬ ▬▬▬▬▬ ▬▬ ▬▬▬ ▬▬▬▬ ▬▬ ▬▬▬ ▬▬▬▬▬ ▬▬ ▬▬▬▬ ▬▬▬ ▬▬ ▬▬▬▬ ▬▬▬▬▬ ▬▬ ▬▬▬ ▬▬▬▬ ▬▬▬ ▬▬ ▬▬▬▬▬ ▬▬▬ ▬▬ ▬▬▬▬ ▬▬▬ ▬▬▬▬▬ ▬▬ ▬▬▬▬ ▬▬▬ ▬▬ ▬▬▬▬ ▬▬▬▬▬ ▬▬ ▬▬▬ ▬▬▬▬ ▬▬▬ ▬▬ ▬▬▬▬▬ ▬▬▬ ▬▬ ▬▬▬▬ ▬▬▬ ▬▬▬▬▬

از کارکنان ارزاق وانبار

▬▬▬ ▬▬ ▬▬▬▬ ▬▬ ▬▬▬▬▬ ▬▬ ▬▬▬ ▬▬▬▬ ▬▬ ▬▬▬ ▬▬▬▬▬ ▬▬ ▬▬▬▬ ▬▬▬ ▬▬ ▬▬▬▬ ▬▬▬▬▬ ▬▬ ▬▬▬ ▬▬▬▬ ▬▬▬ ▬▬ ▬▬▬▬▬ ▬▬▬ ▬▬ ▬▬▬▬ ▬▬▬ ▬▬▬▬▬ ▬▬ ▬▬▬▬ ▬▬▬ ▬▬ ▬▬▬▬ ▬▬▬▬▬

از کارکنان ارزاق

▬▬▬ ▬▬ ▬▬▬▬ ▬▬ ▬▬▬▬▬ ▬▬ ▬▬▬ ▬▬▬▬ ▬▬ ▬▬▬ ▬▬▬▬▬ ▬▬ ▬▬▬▬ ▬▬▬ ▬▬ ▬▬▬▬ ▬▬▬▬▬ ▬▬ ▬▬▬ ▬▬▬▬ ▬▬▬ ▬▬ ▬▬▬▬▬ ▬▬▬ ▬▬ ▬▬▬▬ ▬▬▬ ▬▬▬▬▬ ▬▬ ▬▬▬▬ ▬▬▬ ▬▬ ▬▬▬▬ ▬▬▬▬▬ ▬▬ ▬▬▬ ▬▬▬▬ ▬▬▬ ▬▬ ▬▬▬▬▬ ▬▬▬ ▬▬ ▬▬▬▬ ▬▬▬ ▬▬▬▬▬ ▬▬ ▬▬▬▬ ▬▬▬ ▬▬ ▬▬▬▬ ▬▬▬▬▬ ▬▬ ▬▬▬ ▬▬▬▬ ▬▬▬ ▬▬ ▬▬▬▬▬ ▬▬▬ ▬▬ ▬▬▬▬ ▬▬▬ ▬▬▬▬▬ ▬▬ ▬▬▬▬ ▬▬▬ ▬▬ ▬▬▬▬ ▬▬▬▬▬

میرزا محمد خان

▬▬▬ ▬▬ ▬▬▬▬ ▬▬ ▬▬▬▬▬ ▬▬ ▬▬▬ ▬▬▬▬ ▬▬ ▬▬▬ ▬▬▬▬▬ ▬▬ ▬▬▬▬ ▬▬▬ ▬▬ ▬▬▬▬ ▬▬▬▬▬ ▬▬ ▬▬▬ ▬▬▬▬ ▬▬▬ ▬▬ ▬▬▬▬▬ ▬▬▬ ▬▬ ▬▬▬▬ ▬▬▬ ▬▬▬▬▬ ▬▬ ▬▬▬▬ ▬▬▬ ▬▬ ▬▬▬▬ ▬▬▬▬▬ ▬▬ ▬▬▬ ▬▬▬▬ ▬▬▬ ▬▬ ▬▬▬▬▬ ▬▬▬ ▬▬ ▬▬▬▬ ▬▬▬ ▬▬▬▬▬ ▬▬ ▬▬▬▬ ▬▬▬ ▬▬ ▬▬▬▬ ▬▬▬▬▬ ▬▬ ▬▬▬ ▬▬▬▬ ▬▬▬ ▬▬ ▬▬▬▬▬ ▬▬▬ ▬▬ ▬▬▬▬ ▬▬▬ ▬▬▬▬▬ ▬▬ ▬▬▬▬ ▬▬▬ ▬▬ ▬▬▬▬ ▬▬▬▬▬ ▬▬ ▬▬▬ ▬▬▬▬ ▬▬▬ ▬▬ ▬▬▬▬▬ ▬▬▬ ▬▬ ▬▬▬▬ ▬▬▬ ▬▬▬▬▬ ▬▬ ▬▬▬▬ ▬▬▬ ▬▬ ▬▬▬▬ ▬▬▬▬▬ ▬▬ ▬▬▬ ▬▬▬▬ ▬▬▬ ▬▬ ▬▬▬▬▬ ▬▬▬ ▬▬ ▬▬▬▬ ▬▬▬ ▬▬▬▬▬ ▬▬ ▬▬▬▬ ▬▬▬ ▬▬ ▬▬▬▬ ▬▬▬▬▬

اختلاسات

▬▬▬ ▬▬ ▬▬▬▬ ▬▬ ▬▬▬▬▬ ▬▬ ▬▬▬ ▬▬▬▬ ▬▬ ▬▬▬ ▬▬▬▬▬ ▬▬ ▬▬▬▬ ▬▬▬ ▬▬ ▬▬▬▬ ▬▬▬▬▬ ▬▬ ▬▬▬ ▬▬▬▬

وظیفه پدران و مادران
تربیت اطفال خود

▬▬▬ ▬▬ ▬▬▬▬ ▬▬ ▬▬▬▬▬ ▬▬ ▬▬▬ ▬▬▬▬ ▬▬ ▬▬▬ ▬▬▬▬▬ ▬▬ ▬▬▬▬ ▬▬▬ ▬▬ ▬▬▬▬ ▬▬▬▬▬ ▬▬ ▬▬▬ ▬▬▬▬ ▬▬▬ ▬▬ ▬▬▬▬▬ ▬▬▬ ▬▬ ▬▬▬▬ ▬▬▬ ▬▬▬▬▬ ▬▬ ▬▬▬▬ ▬▬▬ ▬▬ ▬▬▬▬ ▬▬▬▬▬ ▬▬ ▬▬▬ ▬▬▬▬ ▬▬▬ ▬▬ ▬▬▬▬▬ ▬▬▬ ▬▬ ▬▬▬▬ ▬▬▬ ▬▬▬▬▬ ▬▬ ▬▬▬▬ ▬▬▬ ▬▬ ▬▬▬▬ ▬▬▬▬▬ ▬▬ ▬▬▬ ▬▬▬▬ ▬▬▬ ▬▬ ▬▬▬▬▬ ▬▬▬ ▬▬ ▬▬▬▬ ▬▬▬ ▬▬▬▬▬ ▬▬ ▬▬▬▬ ▬▬▬ ▬▬ ▬▬▬▬ ▬▬▬▬▬ ▬▬ ▬▬▬ ▬▬▬▬ ▬▬▬ ▬▬ ▬▬▬▬▬ ▬▬▬ ▬▬ ▬▬▬▬ ▬▬▬ ▬▬▬▬▬ ▬▬ ▬▬▬▬ ▬▬▬ ▬▬ ▬▬▬▬ ▬▬▬▬▬ ▬▬ ▬▬▬ ▬▬▬▬ ▬▬▬ ▬▬ ▬▬▬▬▬ ▬▬▬ ▬▬ ▬▬▬▬ ▬▬▬ ▬▬▬▬▬ ▬▬ ▬▬▬▬ ▬▬▬ ▬▬ ▬▬▬▬ ▬▬▬▬▬

پروفسور اوتیو ترمان

▬▬▬ ▬▬ ▬▬▬▬ ▬▬ ▬▬▬▬▬ ▬▬ ▬▬▬ ▬▬▬▬ ▬▬ ▬▬▬ ▬▬▬▬▬ ▬▬ ▬▬▬▬ ▬▬▬ ▬▬ ▬▬▬▬ ▬▬▬▬▬ ▬▬ ▬▬▬ ▬▬▬▬ ▬▬▬ ▬▬ ▬▬▬▬▬ ▬▬▬ ▬▬ ▬▬▬▬ ▬▬▬ ▬▬▬▬▬

خانواده حافظ وحامی اطفال با هوش واستعداد

▬▬▬ ▬▬ ▬▬▬▬ ▬▬ ▬▬▬▬▬ ▬▬ ▬▬▬ ▬▬▬▬ ▬▬ ▬▬▬ ▬▬▬▬▬ ▬▬ ▬▬▬▬ ▬▬▬ ▬▬ ▬▬▬▬ ▬▬▬▬▬ ▬▬ ▬▬▬ ▬▬▬▬ ▬▬▬ ▬▬ ▬▬▬▬▬ ▬▬▬ ▬▬ ▬▬▬▬ ▬▬▬ ▬▬▬▬▬ ▬▬ ▬▬▬▬ ▬▬▬ ▬▬ ▬▬▬▬ ▬▬▬▬▬ ▬▬ ▬▬▬ ▬▬▬▬ ▬▬▬ ▬▬ ▬▬▬▬▬ ▬▬▬ ▬▬ ▬▬▬▬ ▬▬▬ ▬▬▬▬▬ ▬▬ ▬▬▬▬ ▬▬▬ ▬▬ ▬▬▬▬ ▬▬▬▬▬

مدارس و مکاتب

▬▬▬ ▬▬ ▬▬▬▬ ▬▬ ▬▬▬▬▬ ▬▬ ▬▬▬ ▬▬▬▬ ▬▬ ▬▬▬ ▬▬▬▬▬ ▬▬ ▬▬▬▬ ▬▬▬ ▬▬ ▬▬▬▬ ▬▬▬▬▬ ▬▬ ▬▬▬ ▬▬▬▬ ▬▬▬ ▬▬ ▬▬▬▬▬ ▬▬▬ ▬▬ ▬▬▬▬ ▬▬▬ ▬▬▬▬▬ ▬▬ ▬▬▬▬ ▬▬▬ ▬▬ ▬▬▬▬ ▬▬▬▬▬ ▬▬ ▬▬▬ ▬▬▬▬ ▬▬▬ ▬▬ ▬▬▬▬▬ ▬▬▬ ▬▬ ▬▬▬▬ ▬▬▬ ▬▬▬▬▬ ▬▬ ▬▬▬▬ ▬▬▬ ▬▬ ▬▬▬▬ ▬▬▬▬▬ ▬▬ ▬▬▬ ▬▬▬▬ ▬▬▬ ▬▬ ▬▬▬▬▬ ▬▬▬ ▬▬ ▬▬▬▬ ▬▬▬ ▬▬▬▬▬ ▬▬ ▬▬▬▬ ▬▬▬ ▬▬ ▬▬▬▬ ▬▬▬▬▬ ▬▬ ▬▬▬ ▬▬▬▬ ▬▬▬ ▬▬ ▬▬▬▬▬ ▬▬▬ ▬▬ ▬▬▬▬ ▬▬▬ ▬▬▬▬▬ ▬▬ ▬▬▬▬ ▬▬▬ ▬▬ ▬▬▬▬ ▬▬▬▬▬ ▬▬ ▬▬▬ ▬▬▬▬ ▬▬▬ ▬▬ ▬▬▬▬▬ ▬▬▬ ▬▬ ▬▬▬▬ ▬▬▬ ▬▬▬▬▬ ▬▬ ▬▬▬▬ ▬▬▬ ▬▬ ▬▬▬▬ ▬▬▬▬▬ ▬▬ ▬▬▬ ▬▬▬▬ ▬▬▬ ▬▬ ▬▬▬▬▬ ▬▬▬ ▬▬ ▬▬▬▬ ▬▬▬ ▬▬▬▬▬ ▬▬ ▬▬▬▬ ▬▬▬ ▬▬ ▬▬▬▬ ▬▬▬▬▬ ▬▬ ▬▬▬ ▬▬▬▬ ▬▬▬ ▬▬ ▬▬▬▬▬ ▬▬▬ ▬▬ ▬▬▬▬ ▬▬▬ ▬▬▬▬▬ ▬▬ ▬▬▬▬ ▬▬▬ ▬▬ ▬▬▬▬ ▬▬▬▬▬ ▬▬ ▬▬▬ ▬▬▬▬ ▬▬▬ ▬▬ ▬▬▬▬▬ ▬▬▬ ▬▬ ▬▬▬▬ ▬▬▬ ▬▬▬▬▬ ▬▬ ▬▬▬▬ ▬▬▬ ▬▬ ▬▬▬▬ ▬▬▬▬▬

اعلان
از طرف بلدیه طهران

▬▬▬ ▬▬ ▬▬▬▬ ▬▬ ▬▬▬▬▬ ▬▬ ▬▬▬ ▬▬▬▬ ▬▬ ▬▬▬ ▬▬▬▬▬ ▬▬ ▬▬▬▬ ▬▬▬ ▬▬ ▬▬▬▬ ▬▬▬▬▬ ▬▬ ▬▬▬

بلدیه طهران
